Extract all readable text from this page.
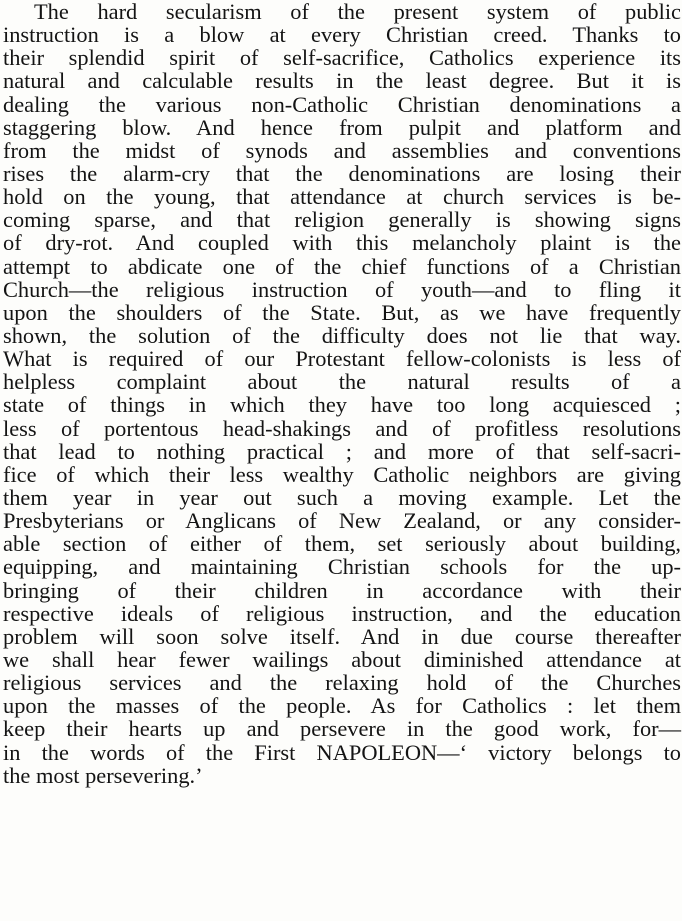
The hard secularism of the present system of public
instruction is a blow at every Christian creed. Thanks to
their splendid spirit of self-sacrifice, Catholics experience its
natural and calculable results in the least degree. But it is
dealing the various non-Catholic Christian denominations a
staggering blow. And hence from pulpit and platform and
from the midst of synods and assemblies and conventions
rises the alarm-cry that the denominations are losing their
hold on the young, that attendance at church services is be-
coming sparse, and that religion generally is showing signs
of dry-rot. And coupled with this melancholy plaint is the
attempt to abdicate one of the chief functions of a Christian
Church—the religious instruction of youth—and to fling it
upon the shoulders of the State. But, as we have frequently
shown, the solution of the difficulty does not lie that way.
What is required of our Protestant fellow-colonists is less of
helpless complaint about the natural results of a
state of things in which they have too long acquiesced ;
less of portentous head-shakings and of profitless resolutions
that lead to nothing practical ; and more of that self-sacri-
fice of which their less wealthy Catholic neighbors are giving
them year in year out such a moving example. Let the
Presbyterians or Anglicans of New Zealand, or any consider-
able section of either of them, set seriously about building,
equipping, and maintaining Christian schools for the up-
bringing of their children in accordance with their
respective ideals of religious instruction, and the education
problem will soon solve itself. And in due course thereafter
we shall hear fewer wailings about diminished attendance at
religious services and the relaxing hold of the Churches
upon the masses of the people. As for Catholics : let them
keep their hearts up and persevere in the good work, for—
in the words of the First NAPOLEON—‘ victory belongs to
the most persevering.’
